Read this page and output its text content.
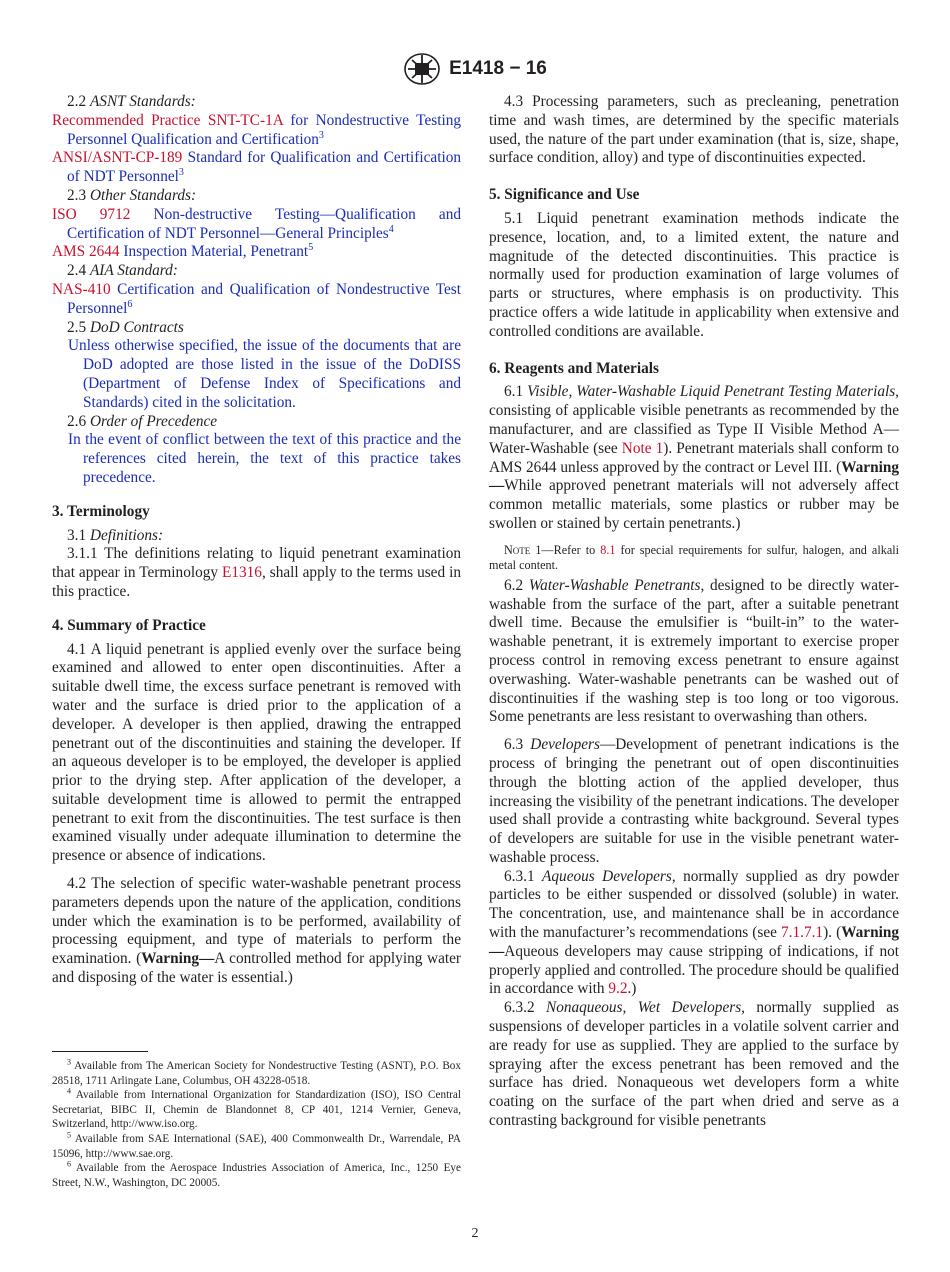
E1418 − 16

2.2 ASNT Standards:

Recommended Practice SNT-TC-1A for Nondestructive Testing Personnel Qualification and Certification$^3$

ANSI/ASNT-CP-189 Standard for Qualification and Certification of NDT Personnel$^3$

2.3 Other Standards:

ISO 9712 Non-destructive Testing—Qualification and Certification of NDT Personnel—General Principles$^4$

AMS 2644 Inspection Material, Penetrant$^5$

2.4 AIA Standard:

NAS-410 Certification and Qualification of Nondestructive Test Personnel$^6$

2.5 DoD Contracts

Unless otherwise specified, the issue of the documents that are DoD adopted are those listed in the issue of the DoDISS (Department of Defense Index of Specifications and Standards) cited in the solicitation.

2.6 Order of Precedence

In the event of conflict between the text of this practice and the references cited herein, the text of this practice takes precedence.

3. Terminology

3.1 Definitions:

3.1.1 The definitions relating to liquid penetrant examination that appear in Terminology E1316, shall apply to the terms used in this practice.

4. Summary of Practice

4.1 A liquid penetrant is applied evenly over the surface being examined and allowed to enter open discontinuities. After a suitable dwell time, the excess surface penetrant is removed with water and the surface is dried prior to the application of a developer. A developer is then applied, drawing the entrapped penetrant out of the discontinuities and staining the developer. If an aqueous developer is to be employed, the developer is applied prior to the drying step. After application of the developer, a suitable development time is allowed to permit the entrapped penetrant to exit from the discontinuities. The test surface is then examined visually under adequate illumination to determine the presence or absence of indications.

4.2 The selection of specific water-washable penetrant process parameters depends upon the nature of the application, conditions under which the examination is to be performed, availability of processing equipment, and type of materials to perform the examination. (Warning—A controlled method for applying water and disposing of the water is essential.)

4.3 Processing parameters, such as precleaning, penetration time and wash times, are determined by the specific materials used, the nature of the part under examination (that is, size, shape, surface condition, alloy) and type of discontinuities expected.

5. Significance and Use

5.1 Liquid penetrant examination methods indicate the presence, location, and, to a limited extent, the nature and magnitude of the detected discontinuities. This practice is normally used for production examination of large volumes of parts or structures, where emphasis is on productivity. This practice offers a wide latitude in applicability when extensive and controlled conditions are available.

6. Reagents and Materials

6.1 Visible, Water-Washable Liquid Penetrant Testing Materials, consisting of applicable visible penetrants as recommended by the manufacturer, and are classified as Type II Visible Method A—Water-Washable (see Note 1). Penetrant materials shall conform to AMS 2644 unless approved by the contract or Level III. (Warning—While approved penetrant materials will not adversely affect common metallic materials, some plastics or rubber may be swollen or stained by certain penetrants.)

Note 1—Refer to 8.1 for special requirements for sulfur, halogen, and alkali metal content.

6.2 Water-Washable Penetrants, designed to be directly water-washable from the surface of the part, after a suitable penetrant dwell time. Because the emulsifier is “built-in” to the water-washable penetrant, it is extremely important to exercise proper process control in removing excess penetrant to ensure against overwashing. Water-washable penetrants can be washed out of discontinuities if the washing step is too long or too vigorous. Some penetrants are less resistant to overwashing than others.

6.3 Developers—Development of penetrant indications is the process of bringing the penetrant out of open discontinuities through the blotting action of the applied developer, thus increasing the visibility of the penetrant indications. The developer used shall provide a contrasting white background. Several types of developers are suitable for use in the visible penetrant water-washable process.

6.3.1 Aqueous Developers, normally supplied as dry powder particles to be either suspended or dissolved (soluble) in water. The concentration, use, and maintenance shall be in accordance with the manufacturer’s recommendations (see 7.1.7.1). (Warning—Aqueous developers may cause stripping of indications, if not properly applied and controlled. The procedure should be qualified in accordance with 9.2.)

6.3.2 Nonaqueous, Wet Developers, normally supplied as suspensions of developer particles in a volatile solvent carrier and are ready for use as supplied. They are applied to the surface by spraying after the excess penetrant has been removed and the surface has dried. Nonaqueous wet developers form a white coating on the surface of the part when dried and serve as a contrasting background for visible penetrants

$^3$ Available from The American Society for Nondestructive Testing (ASNT), P.O. Box 28518, 1711 Arlingate Lane, Columbus, OH 43228-0518.

$^4$ Available from International Organization for Standardization (ISO), ISO Central Secretariat, BIBC II, Chemin de Blandonnet 8, CP 401, 1214 Vernier, Geneva, Switzerland, http://www.iso.org.

$^5$ Available from SAE International (SAE), 400 Commonwealth Dr., Warrendale, PA 15096, http://www.sae.org.

$^6$ Available from the Aerospace Industries Association of America, Inc., 1250 Eye Street, N.W., Washington, DC 20005.

2
